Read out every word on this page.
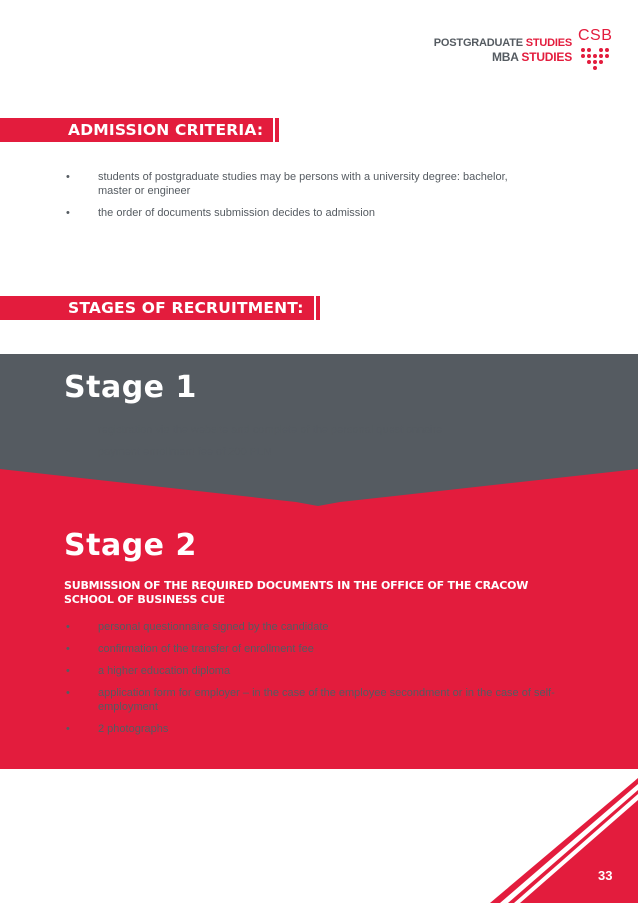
POSTGRADUATE STUDIES
MBA STUDIES
CSB
ADMISSION CRITERIA:
• students of postgraduate studies may be persons with a university degree: bachelor, master or engineer
• the order of documents submission decides to admission
STAGES OF RECRUITMENT:
Stage 1
• registration via the website and complete of the personal questionnaire
• payment enrollment fee of 200 PLN
Stage 2
SUBMISSION OF THE REQUIRED DOCUMENTS IN THE OFFICE OF THE CRACOW SCHOOL OF BUSINESS CUE
• personal questionnaire signed by the candidate
• confirmation of the transfer of enrollment fee
• a higher education diploma
• application form for employer – in the case of the employee secondment or in the case of self-employment
• 2 photographs
33
